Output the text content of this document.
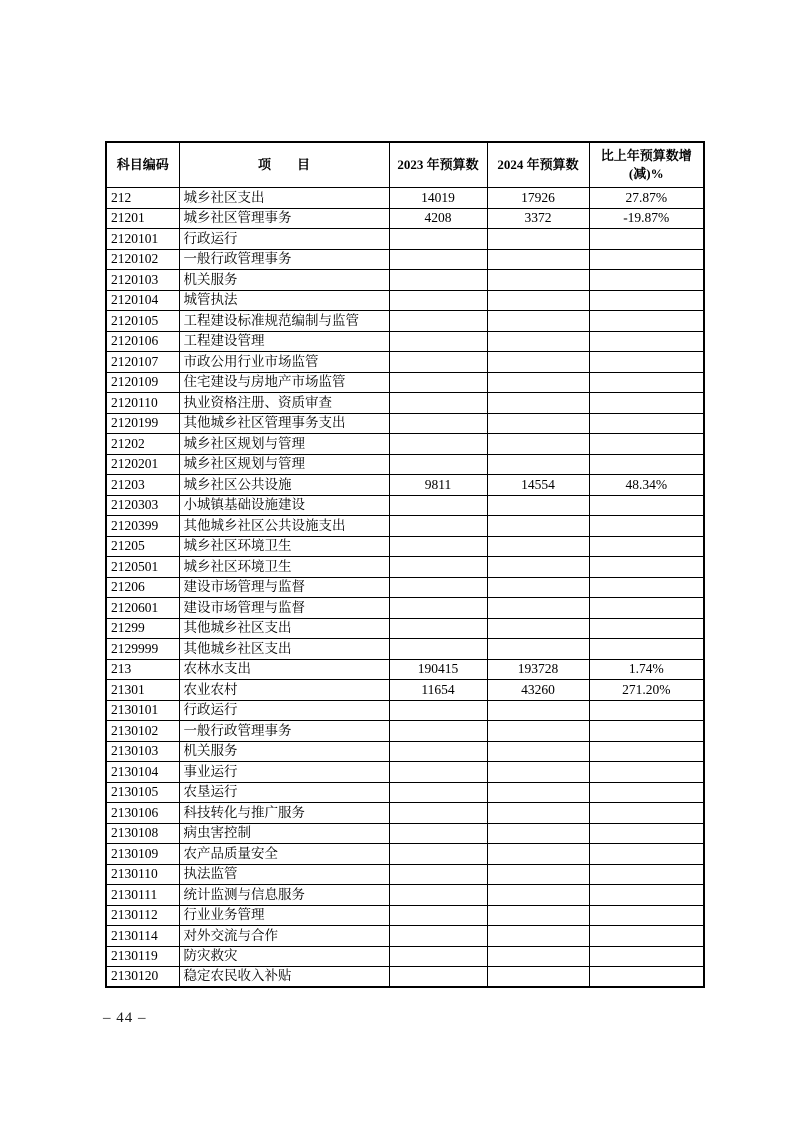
科目编码	项　　目	2023 年预算数	2024 年预算数	比上年预算数增
(减)%

212	城乡社区支出	14019	17926	27.87%
21201	城乡社区管理事务	4208	3372	-19.87%
2120101	行政运行			
2120102	一般行政管理事务			
2120103	机关服务			
2120104	城管执法			
2120105	工程建设标准规范编制与监管			
2120106	工程建设管理			
2120107	市政公用行业市场监管			
2120109	住宅建设与房地产市场监管			
2120110	执业资格注册、资质审查			
2120199	其他城乡社区管理事务支出			
21202	城乡社区规划与管理			
2120201	城乡社区规划与管理			
21203	城乡社区公共设施	9811	14554	48.34%
2120303	小城镇基础设施建设			
2120399	其他城乡社区公共设施支出			
21205	城乡社区环境卫生			
2120501	城乡社区环境卫生			
21206	建设市场管理与监督			
2120601	建设市场管理与监督			
21299	其他城乡社区支出			
2129999	其他城乡社区支出			
213	农林水支出	190415	193728	1.74%
21301	农业农村	11654	43260	271.20%
2130101	行政运行			
2130102	一般行政管理事务			
2130103	机关服务			
2130104	事业运行			
2130105	农垦运行			
2130106	科技转化与推广服务			
2130108	病虫害控制			
2130109	农产品质量安全			
2130110	执法监管			
2130111	统计监测与信息服务			
2130112	行业业务管理			
2130114	对外交流与合作			
2130119	防灾救灾			
2130120	稳定农民收入补贴			
– 44 –
